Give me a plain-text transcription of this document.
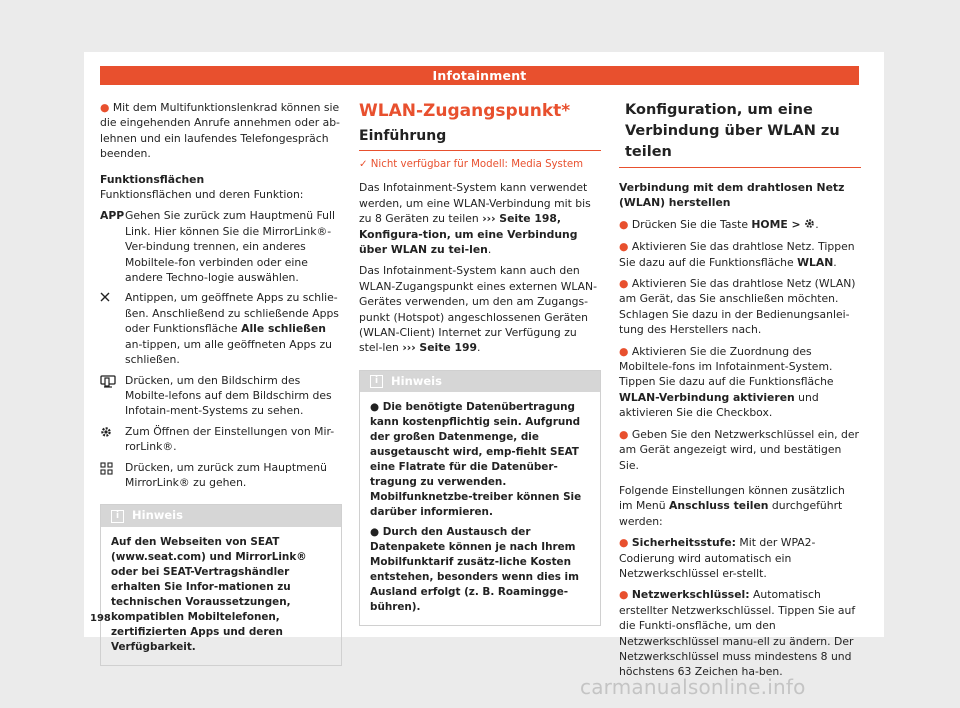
Infotainment

● Mit dem Multifunktionslenkrad können sie die eingehenden Anrufe annehmen oder ab-lehnen und ein laufendes Telefongespräch beenden.

Funktionsflächen

Funktionsflächen und deren Funktion:

APP Gehen Sie zurück zum Hauptmenü Full Link. Hier können Sie die MirrorLink®-Ver-bindung trennen, ein anderes Mobiltele-fon verbinden oder eine andere Techno-logie auswählen.
Antippen, um geöffnete Apps zu schlie-ßen. Anschließend zu schließende Apps oder Funktionsfläche Alle schließen an-tippen, um alle geöffneten Apps zu schließen.
Drücken, um den Bildschirm des Mobilte-lefons auf dem Bildschirm des Infotain-ment-Systems zu sehen.
Zum Öffnen der Einstellungen von Mir-rorLink®.
Drücken, um zurück zum Hauptmenü MirrorLink® zu gehen.
i	Hinweis
Auf den Webseiten von SEAT (www.seat.com) und MirrorLink® oder bei SEAT-Vertragshändler erhalten Sie Infor-mationen zu technischen Voraussetzungen, kompatiblen Mobiltelefonen, zertifizierten Apps und deren Verfügbarkeit.
WLAN-Zugangspunkt*
Einführung
✓ Nicht verfügbar für Modell: Media System

Das Infotainment-System kann verwendet werden, um eine WLAN-Verbindung mit bis zu 8 Geräten zu teilen ››› Seite 198, Konfigura-tion, um eine Verbindung über WLAN zu tei-len.

Das Infotainment-System kann auch den WLAN-Zugangspunkt eines externen WLAN-Gerätes verwenden, um den am Zugangs-punkt (Hotspot) angeschlossenen Geräten (WLAN-Client) Internet zur Verfügung zu stel-len ››› Seite 199.

i	Hinweis

● Die benötigte Datenübertragung kann kostenpflichtig sein. Aufgrund der großen Datenmenge, die ausgetauscht wird, emp-fiehlt SEAT eine Flatrate für die Datenüber-tragung zu verwenden. Mobilfunknetzbe-treiber können Sie darüber informieren.

● Durch den Austausch der Datenpakete können je nach Ihrem Mobilfunktarif zusätz-liche Kosten entstehen, besonders wenn dies im Ausland erfolgt (z. B. Roamingge-bühren).

Konfiguration, um eine Verbindung über WLAN zu teilen

Verbindung mit dem drahtlosen Netz (WLAN) herstellen

● Drücken Sie die Taste HOME > .

● Aktivieren Sie das drahtlose Netz. Tippen Sie dazu auf die Funktionsfläche WLAN.

● Aktivieren Sie das drahtlose Netz (WLAN) am Gerät, das Sie anschließen möchten. Schlagen Sie dazu in der Bedienungsanlei-tung des Herstellers nach.

● Aktivieren Sie die Zuordnung des Mobiltele-fons im Infotainment-System. Tippen Sie dazu auf die Funktionsfläche WLAN-Verbindung aktivieren und aktivieren Sie die Checkbox.

● Geben Sie den Netzwerkschlüssel ein, der am Gerät angezeigt wird, und bestätigen Sie.

Folgende Einstellungen können zusätzlich im Menü Anschluss teilen durchgeführt werden:

● Sicherheitsstufe: Mit der WPA2-Codierung wird automatisch ein Netzwerkschlüssel er-stellt.

● Netzwerkschlüssel: Automatisch erstellter Netzwerkschlüssel. Tippen Sie auf die Funkti-onsfläche, um den Netzwerkschlüssel manu-ell zu ändern. Der Netzwerkschlüssel muss mindestens 8 und höchstens 63 Zeichen ha-ben.

198
carmanualsonline.info
